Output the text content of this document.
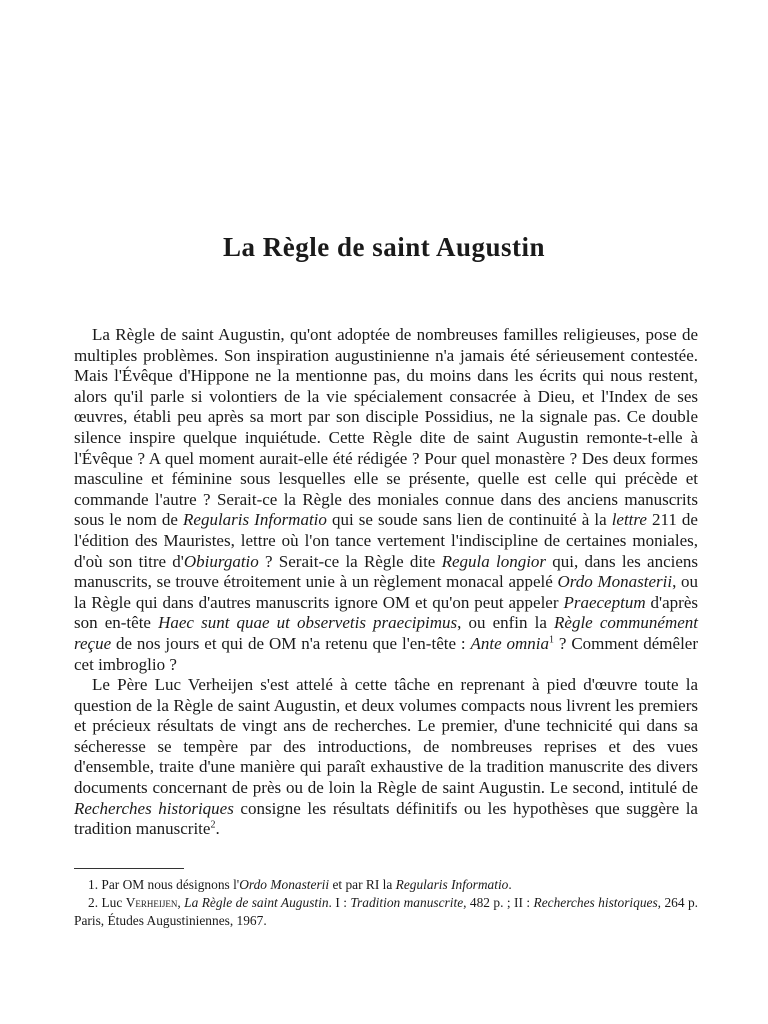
La Règle de saint Augustin

La Règle de saint Augustin, qu'ont adoptée de nombreuses familles religieuses, pose de multiples problèmes. Son inspiration augustinienne n'a jamais été sérieusement contestée. Mais l'Évêque d'Hippone ne la mentionne pas, du moins dans les écrits qui nous restent, alors qu'il parle si volontiers de la vie spécialement consacrée à Dieu, et l'Index de ses œuvres, établi peu après sa mort par son disciple Possidius, ne la signale pas. Ce double silence inspire quelque inquiétude. Cette Règle dite de saint Augustin remonte-t-elle à l'Évêque ? A quel moment aurait-elle été rédigée ? Pour quel monastère ? Des deux formes masculine et féminine sous lesquelles elle se présente, quelle est celle qui précède et commande l'autre ? Serait-ce la Règle des moniales connue dans des anciens manuscrits sous le nom de Regularis Informatio qui se soude sans lien de continuité à la lettre 211 de l'édition des Mauristes, lettre où l'on tance vertement l'indiscipline de certaines moniales, d'où son titre d'Obiurgatio ? Serait-ce la Règle dite Regula longior qui, dans les anciens manuscrits, se trouve étroitement unie à un règlement monacal appelé Ordo Monasterii, ou la Règle qui dans d'autres manuscrits ignore OM et qu'on peut appeler Praeceptum d'après son en-tête Haec sunt quae ut observetis praecipimus, ou enfin la Règle communément reçue de nos jours et qui de OM n'a retenu que l'en-tête : Ante omnia$^1$ ? Comment démêler cet imbroglio ?

Le Père Luc Verheijen s'est attelé à cette tâche en reprenant à pied d'œuvre toute la question de la Règle de saint Augustin, et deux volumes compacts nous livrent les premiers et précieux résultats de vingt ans de recherches. Le premier, d'une technicité qui dans sa sécheresse se tempère par des introductions, de nombreuses reprises et des vues d'ensemble, traite d'une manière qui paraît exhaustive de la tradition manuscrite des divers documents concernant de près ou de loin la Règle de saint Augustin. Le second, intitulé de Recherches historiques consigne les résultats définitifs ou les hypothèses que suggère la tradition manuscrite$^2$.

1. Par OM nous désignons l'Ordo Monasterii et par RI la Regularis Informatio.

2. Luc Verheijen, La Règle de saint Augustin. I : Tradition manuscrite, 482 p. ; II : Recherches historiques, 264 p. Paris, Études Augustiniennes, 1967.
